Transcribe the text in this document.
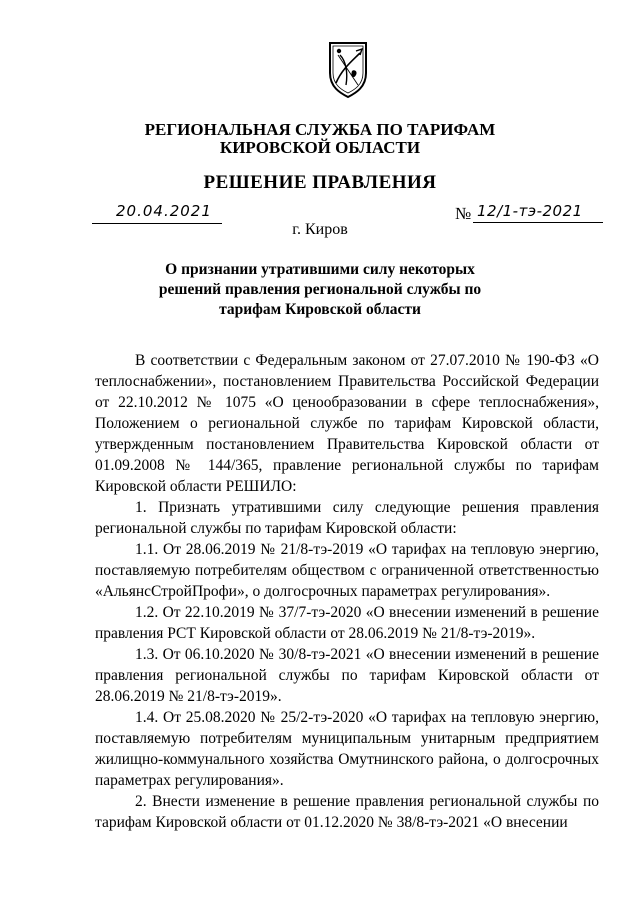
РЕГИОНАЛЬНАЯ СЛУЖБА ПО ТАРИФАМ
КИРОВСКОЙ ОБЛАСТИ
РЕШЕНИЕ ПРАВЛЕНИЯ
20.04.2021	№ 12/1-тэ-2021
г. Киров
О признании утратившими силу некоторых
решений правления региональной службы по
тарифам Кировской области

В соответствии с Федеральным законом от 27.07.2010 № 190-ФЗ «О теплоснабжении», постановлением Правительства Российской Федерации от 22.10.2012 № 1075 «О ценообразовании в сфере теплоснабжения», Положением о региональной службе по тарифам Кировской области, утвержденным постановлением Правительства Кировской области от 01.09.2008 № 144/365, правление региональной службы по тарифам Кировской области РЕШИЛО:

1. Признать утратившими силу следующие решения правления региональной службы по тарифам Кировской области:

1.1. От 28.06.2019 № 21/8-тэ-2019 «О тарифах на тепловую энергию, поставляемую потребителям обществом с ограниченной ответственностью «АльянсСтройПрофи», о долгосрочных параметрах регулирования».

1.2. От 22.10.2019 № 37/7-тэ-2020 «О внесении изменений в решение правления РСТ Кировской области от 28.06.2019 № 21/8-тэ-2019».

1.3. От 06.10.2020 № 30/8-тэ-2021 «О внесении изменений в решение правления региональной службы по тарифам Кировской области от 28.06.2019 № 21/8-тэ-2019».

1.4. От 25.08.2020 № 25/2-тэ-2020 «О тарифах на тепловую энергию, поставляемую потребителям муниципальным унитарным предприятием жилищно-коммунального хозяйства Омутнинского района, о долгосрочных параметрах регулирования».

2. Внести изменение в решение правления региональной службы по тарифам Кировской области от 01.12.2020 № 38/8-тэ-2021 «О внесении
